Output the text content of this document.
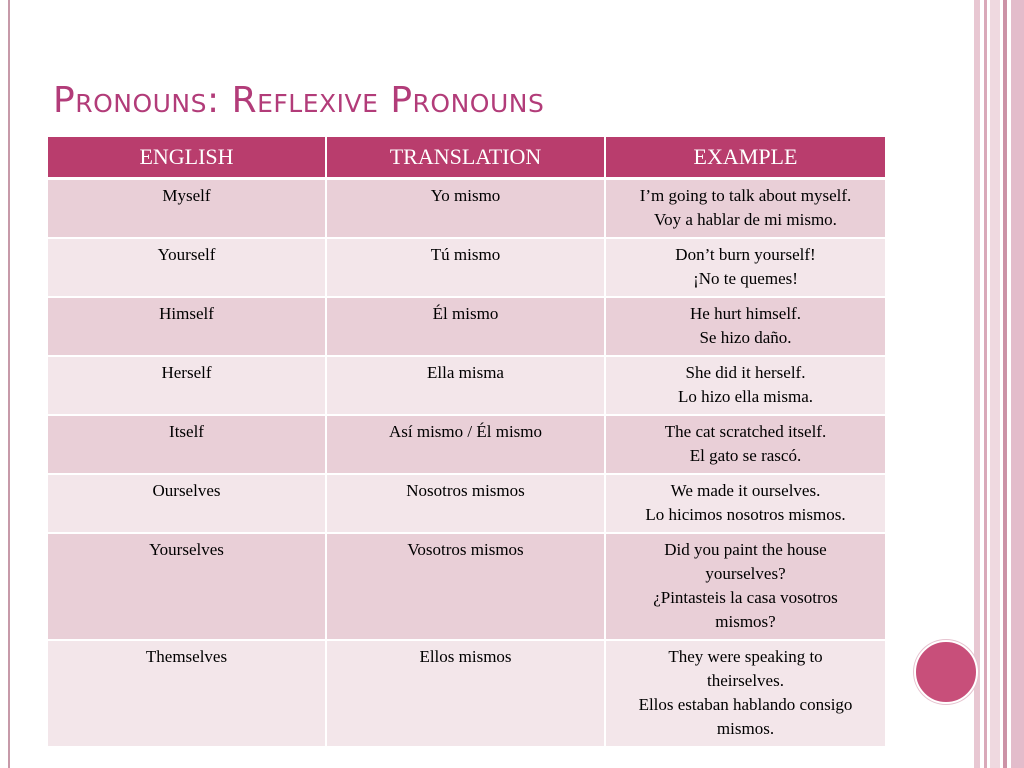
Pronouns: Reflexive Pronouns
ENGLISH	TRANSLATION	EXAMPLE
Myself	Yo mismo	I’m going to talk about myself.
Voy a hablar de mi mismo.

Yourself	Tú mismo	Don’t burn yourself!
¡No te quemes!

Himself	Él mismo	He hurt himself.
Se hizo daño.

Herself	Ella misma	She did it herself.
Lo hizo ella misma.

Itself	Así mismo / Él mismo	The cat scratched itself.
El gato se rascó.

Ourselves	Nosotros mismos	We made it ourselves.
Lo hicimos nosotros mismos.

Yourselves	Vosotros mismos	Did you paint the house
yourselves?
¿Pintasteis la casa vosotros
mismos?

Themselves	Ellos mismos	They were speaking to
theirselves.
Ellos estaban hablando consigo
mismos.
